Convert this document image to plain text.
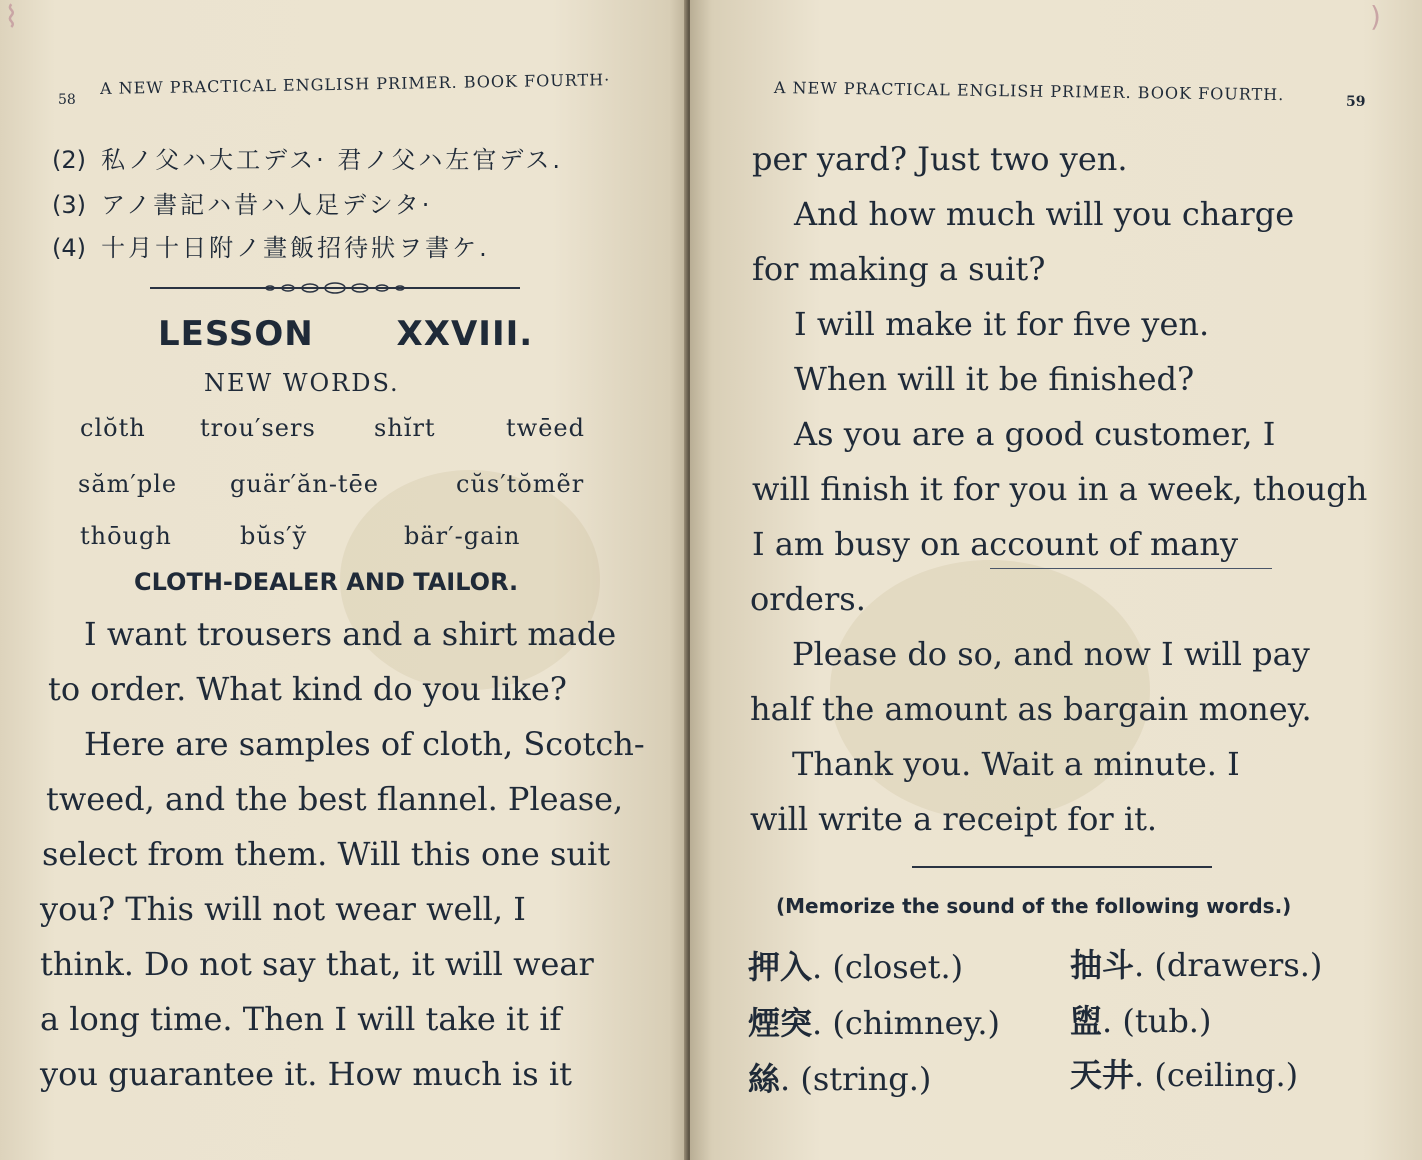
⌇
58
A NEW PRACTICAL ENGLISH PRIMER. BOOK FOURTH·
(2) 私ノ父ハ大工デス· 君ノ父ハ左官デス.
(3) アノ書記ハ昔ハ人足デシタ·
(4) 十月十日附ノ晝飯招待狀ヲ書ケ.
LESSON XXVIII.
NEW WORDS.
clŏth trou′sers shĭrt	twēed
săm′ple guär′ăn-tēe	cŭs′tŏmẽr
thōugh	bŭs′y̆	bär′-gain
CLOTH-DEALER AND TAILOR.
I want trousers and a shirt made
to order. What kind do you like?
Here are samples of cloth, Scotch-
tweed, and the best flannel. Please,
select from them. Will this one suit
you? This will not wear well, I
think. Do not say that, it will wear
a long time. Then I will take it if
you guarantee it. How much is it
)
A NEW PRACTICAL ENGLISH PRIMER. BOOK FOURTH.	59
per yard? Just two yen.
And how much will you charge
for making a suit?
I will make it for five yen.
When will it be finished?
As you are a good customer, I
will finish it for you in a week, though
I am busy on account of many
orders.
Please do so, and now I will pay
half the amount as bargain money.
Thank you. Wait a minute. I
will write a receipt for it.
(Memorize the sound of the following words.)
押入. (closet.)	抽斗. (drawers.)
煙突. (chimney.) 盥. (tub.)
絲. (string.)	天井. (ceiling.)
